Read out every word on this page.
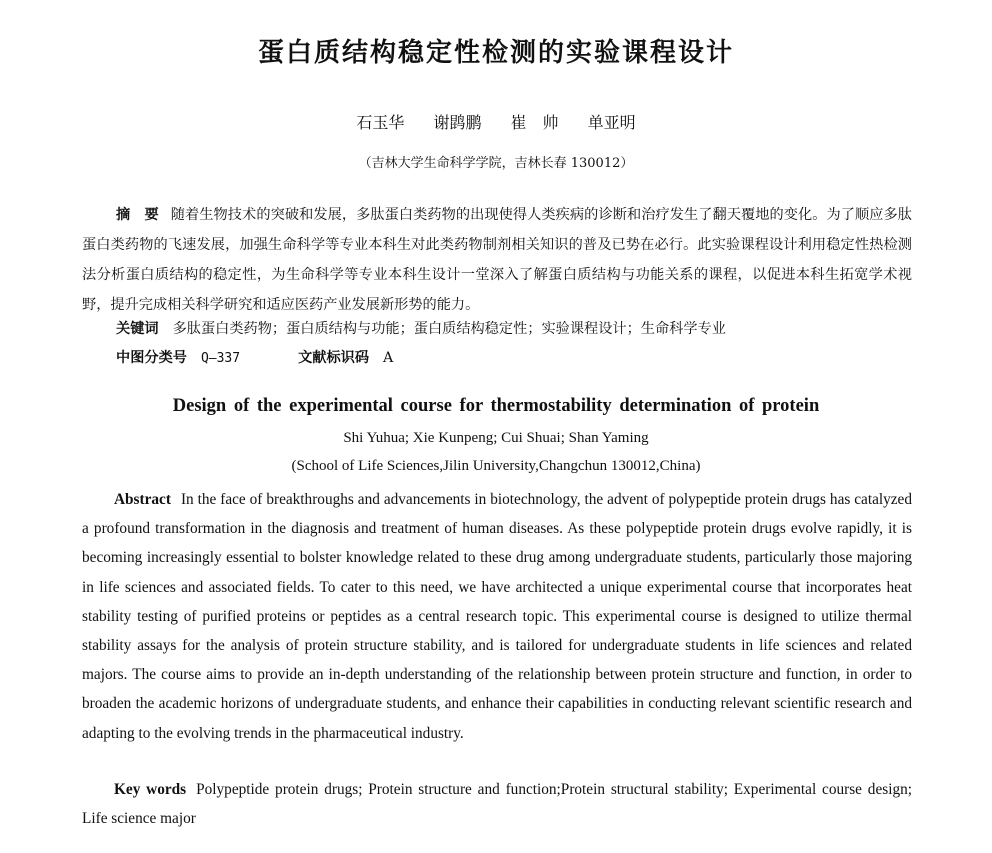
蛋白质结构稳定性检测的实验课程设计
石玉华 谢鹍鹏 崔　帅 单亚明
（吉林大学生命科学学院，吉林长春 130012）
摘　要 随着生物技术的突破和发展，多肽蛋白类药物的出现使得人类疾病的诊断和治疗发生了翻天覆地的变化。为了顺应多肽蛋白类药物的飞速发展，加强生命科学等专业本科生对此类药物制剂相关知识的普及已势在必行。此实验课程设计利用稳定性热检测法分析蛋白质结构的稳定性，为生命科学等专业本科生设计一堂深入了解蛋白质结构与功能关系的课程，以促进本科生拓宽学术视野，提升完成相关科学研究和适应医药产业发展新形势的能力。
关键词 多肽蛋白类药物；蛋白质结构与功能；蛋白质结构稳定性；实验课程设计；生命科学专业
中图分类号 Q—337	文献标识码 A
Design of the experimental course for thermostability determination of protein
Shi Yuhua; Xie Kunpeng; Cui Shuai; Shan Yaming
(School of Life Sciences,Jilin University,Changchun 130012,China)
Abstract In the face of breakthroughs and advancements in biotechnology, the advent of polypeptide protein drugs has catalyzed a profound transformation in the diagnosis and treatment of human diseases. As these polypeptide protein drugs evolve rapidly, it is becoming increasingly essential to bolster knowledge related to these drug among undergraduate students, particularly those majoring in life sciences and associated fields. To cater to this need, we have architected a unique experimental course that incorporates heat stability testing of purified proteins or peptides as a central research topic. This experimental course is designed to utilize thermal stability assays for the analysis of protein structure stability, and is tailored for undergraduate students in life sciences and related majors. The course aims to provide an in-depth understanding of the relationship between protein structure and function, in order to broaden the academic horizons of undergraduate students, and enhance their capabilities in conducting relevant scientific research and adapting to the evolving trends in the pharmaceutical industry.
Key words Polypeptide protein drugs; Protein structure and function;Protein structural stability; Experimental course design; Life science major
